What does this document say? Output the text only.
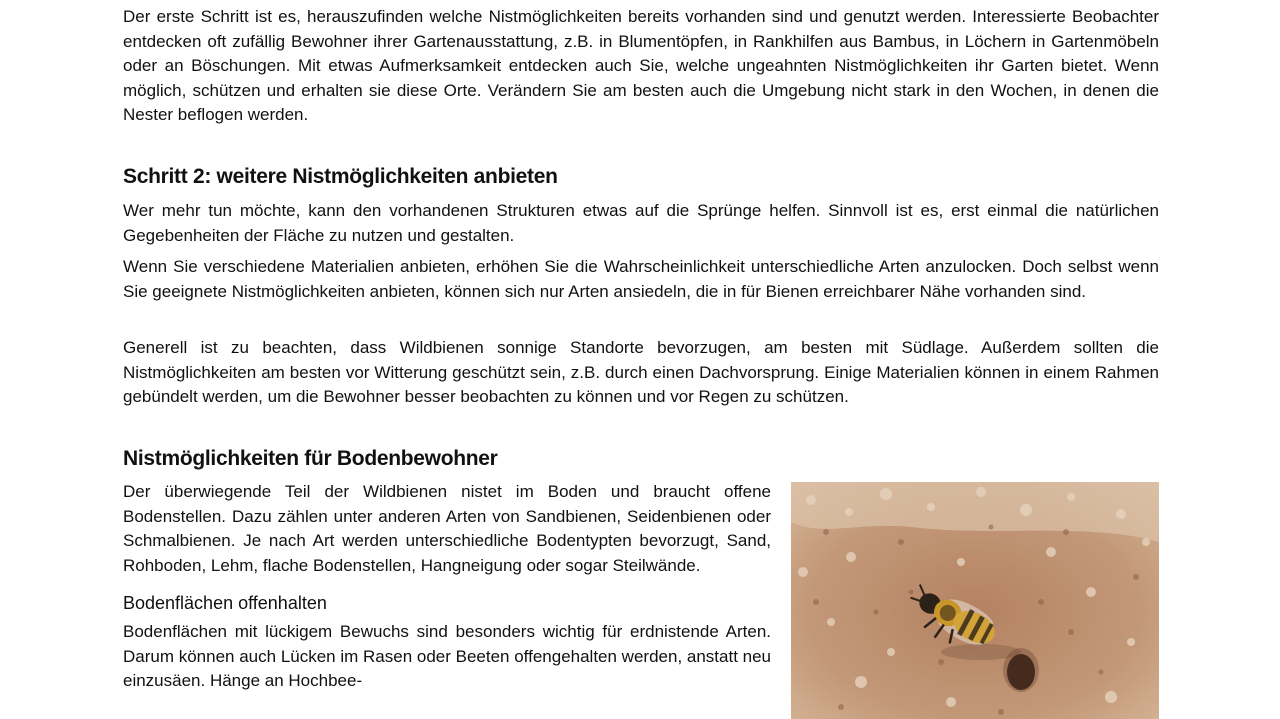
Der erste Schritt ist es, herauszufinden welche Nistmöglichkeiten bereits vorhanden sind und genutzt werden. Interessierte Beobachter entdecken oft zufällig Bewohner ihrer Gartenausstattung, z.B. in Blumentöpfen, in Rankhilfen aus Bambus, in Löchern in Gartenmöbeln oder an Böschungen. Mit etwas Aufmerksamkeit entdecken auch Sie, welche ungeahnten Nistmöglichkeiten ihr Garten bietet. Wenn möglich, schützen und erhalten sie diese Orte. Verändern Sie am besten auch die Umgebung nicht stark in den Wochen, in denen die Nester beflogen werden.

Schritt 2: weitere Nistmöglichkeiten anbieten

Wer mehr tun möchte, kann den vorhandenen Strukturen etwas auf die Sprünge helfen. Sinnvoll ist es, erst einmal die natürlichen Gegebenheiten der Fläche zu nutzen und gestalten.

Wenn Sie verschiedene Materialien anbieten, erhöhen Sie die Wahrscheinlichkeit unterschiedliche Arten anzulocken. Doch selbst wenn Sie geeignete Nistmöglichkeiten anbieten, können sich nur Arten ansiedeln, die in für Bienen erreichbarer Nähe vorhanden sind.

Generell ist zu beachten, dass Wildbienen sonnige Standorte bevorzugen, am besten mit Südlage. Außerdem sollten die Nistmöglichkeiten am besten vor Witterung geschützt sein, z.B. durch einen Dachvorsprung. Einige Materialien können in einem Rahmen gebündelt werden, um die Bewohner besser beobachten zu können und vor Regen zu schützen.

Nistmöglichkeiten für Bodenbewohner

Der überwiegende Teil der Wildbienen nistet im Boden und braucht offene Bodenstellen. Dazu zählen unter anderen Arten von Sandbienen, Seidenbienen oder Schmalbienen. Je nach Art werden unterschiedliche Bodentypten bevorzugt, Sand, Rohboden, Lehm, flache Bodenstellen, Hangneigung oder sogar Steilwände.

Bodenflächen offenhalten

Bodenflächen mit lückigem Bewuchs sind besonders wichtig für erdnistende Arten. Darum können auch Lücken im Rasen oder Beeten offengehalten werden, anstatt neu einzusäen. Hänge an Hochbee-
